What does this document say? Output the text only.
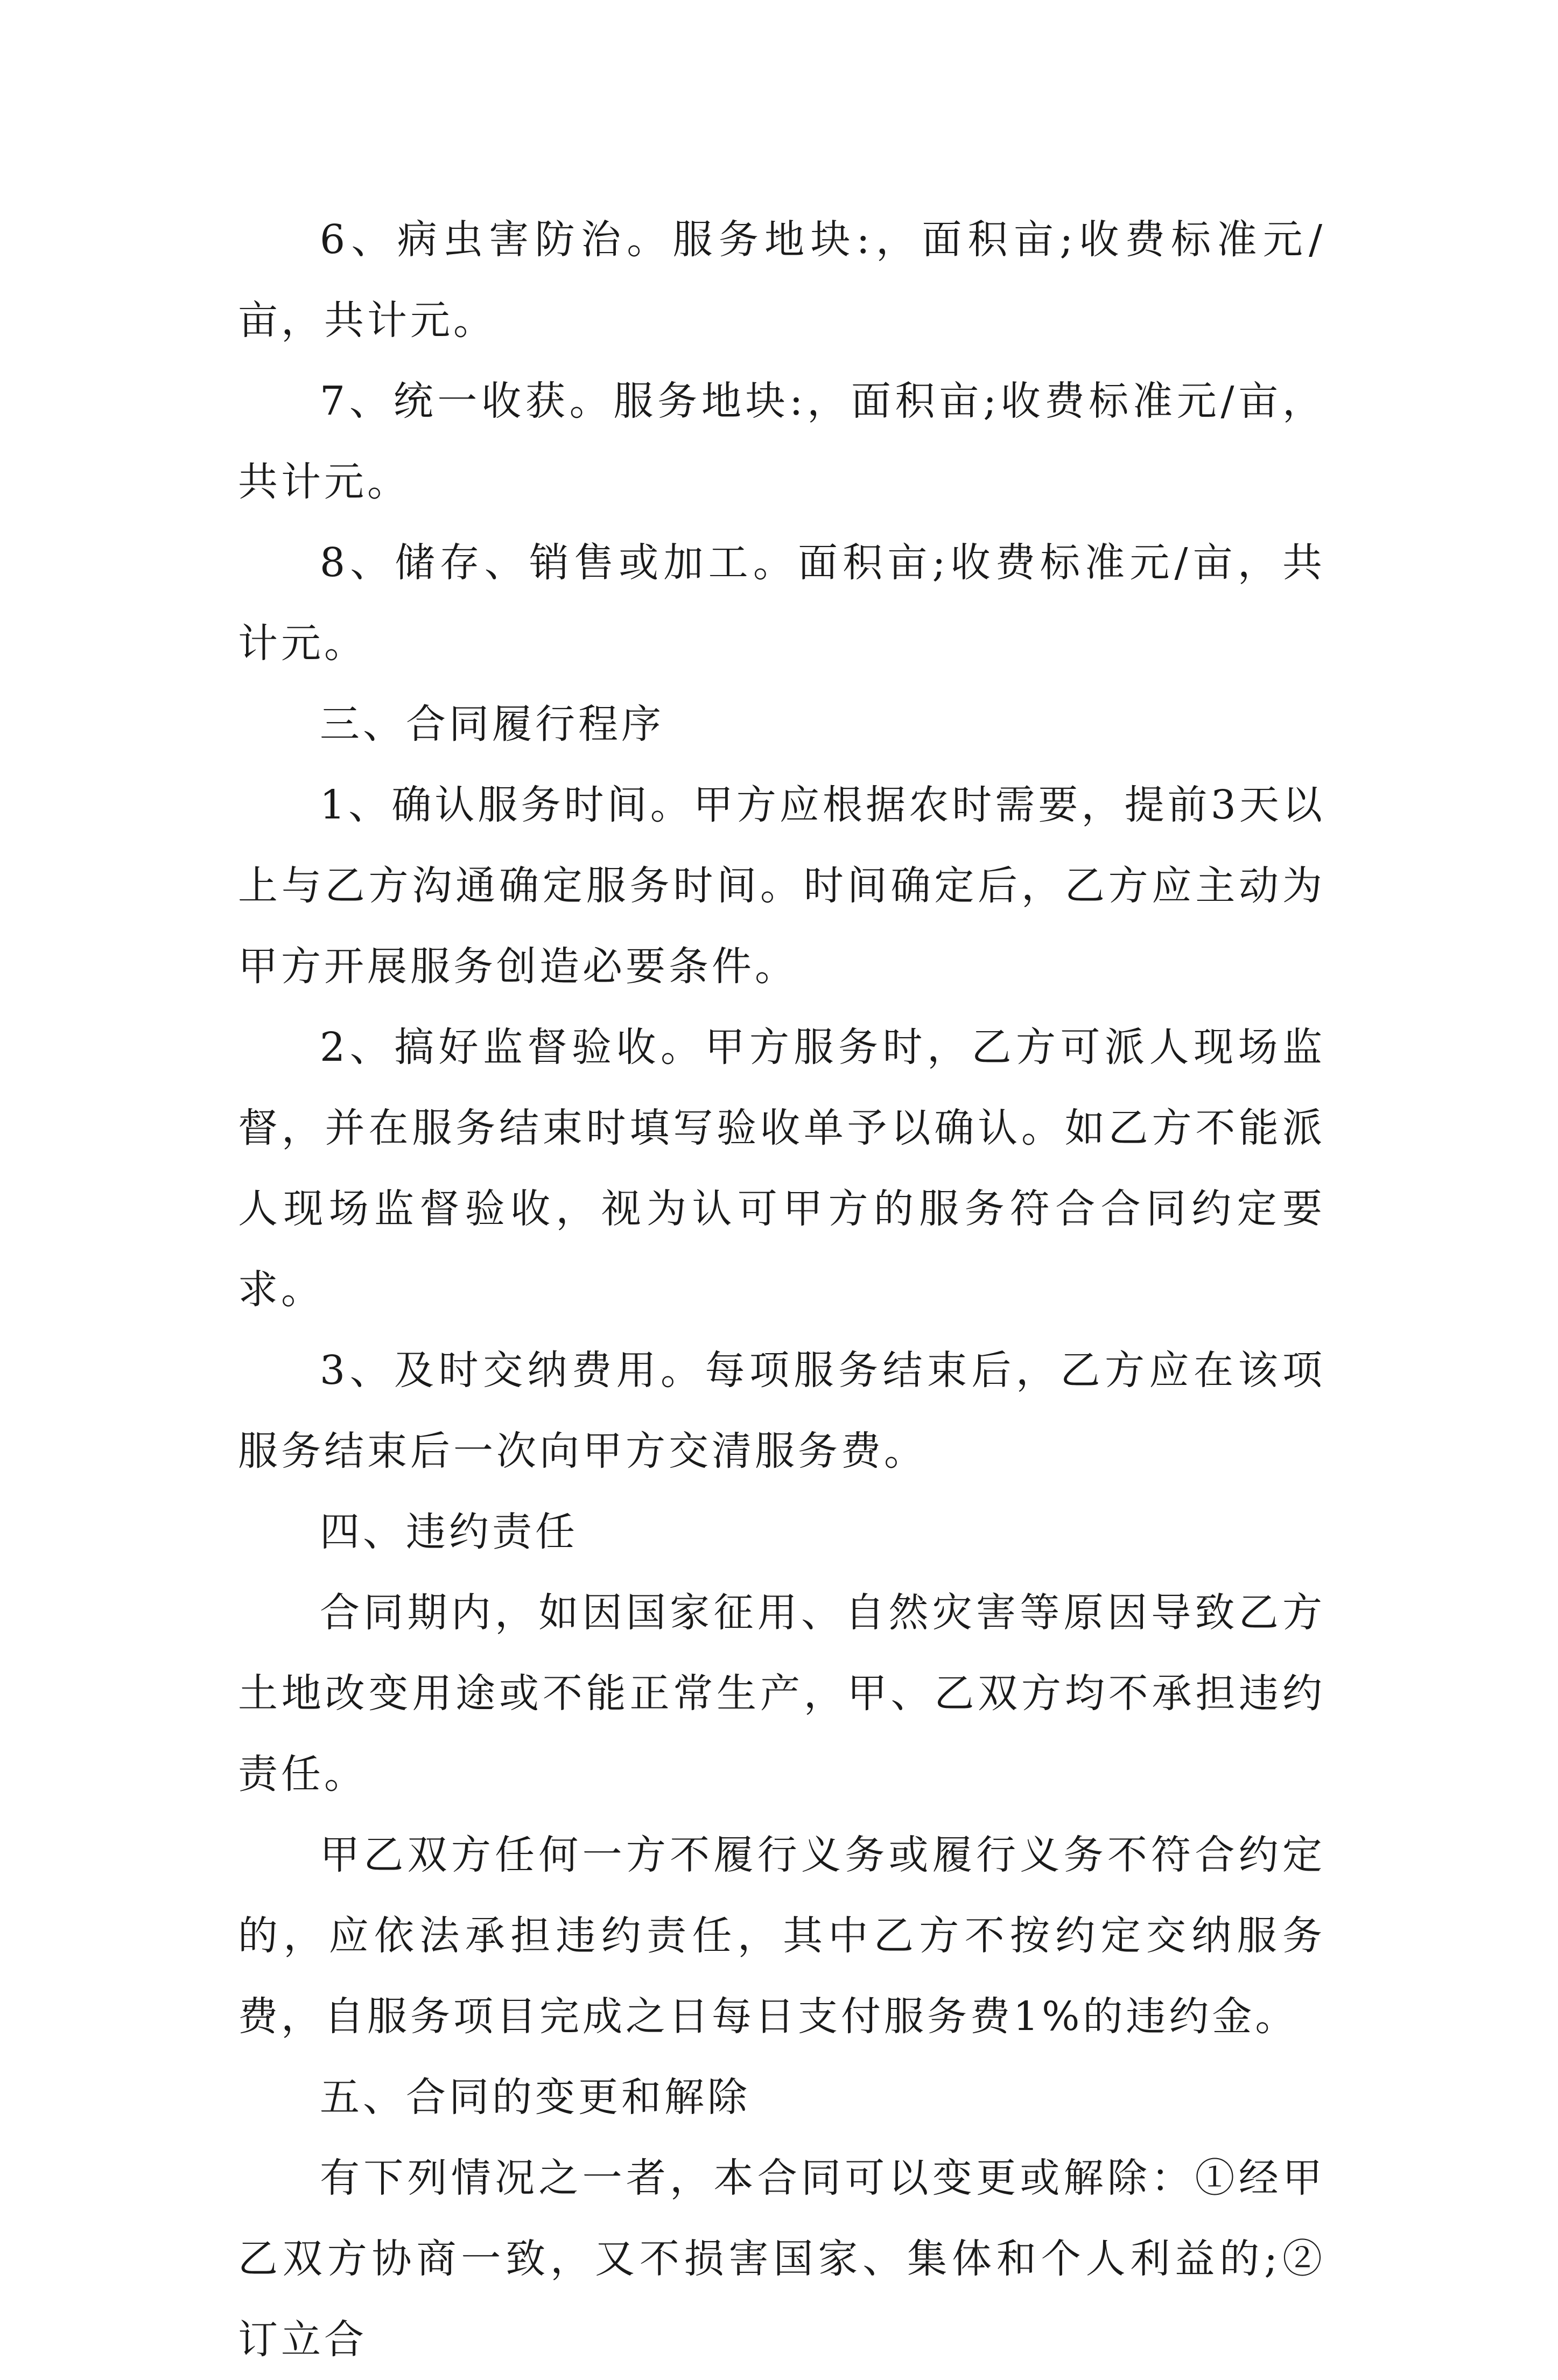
6、病虫害防治。服务地块:，面积亩;收费标准元/亩，共计元。

7、统一收获。服务地块:，面积亩;收费标准元/亩，共计元。

8、储存、销售或加工。面积亩;收费标准元/亩，共计元。

三、合同履行程序

1、确认服务时间。甲方应根据农时需要，提前3天以上与乙方沟通确定服务时间。时间确定后，乙方应主动为甲方开展服务创造必要条件。

2、搞好监督验收。甲方服务时，乙方可派人现场监督，并在服务结束时填写验收单予以确认。如乙方不能派人现场监督验收，视为认可甲方的服务符合合同约定要求。

3、及时交纳费用。每项服务结束后，乙方应在该项服务结束后一次向甲方交清服务费。

四、违约责任

合同期内，如因国家征用、自然灾害等原因导致乙方土地改变用途或不能正常生产，甲、乙双方均不承担违约责任。

甲乙双方任何一方不履行义务或履行义务不符合约定的，应依法承担违约责任，其中乙方不按约定交纳服务费，自服务项目完成之日每日支付服务费1%的违约金。

五、合同的变更和解除

有下列情况之一者，本合同可以变更或解除：①经甲乙双方协商一致，又不损害国家、集体和个人利益的;②订立合
